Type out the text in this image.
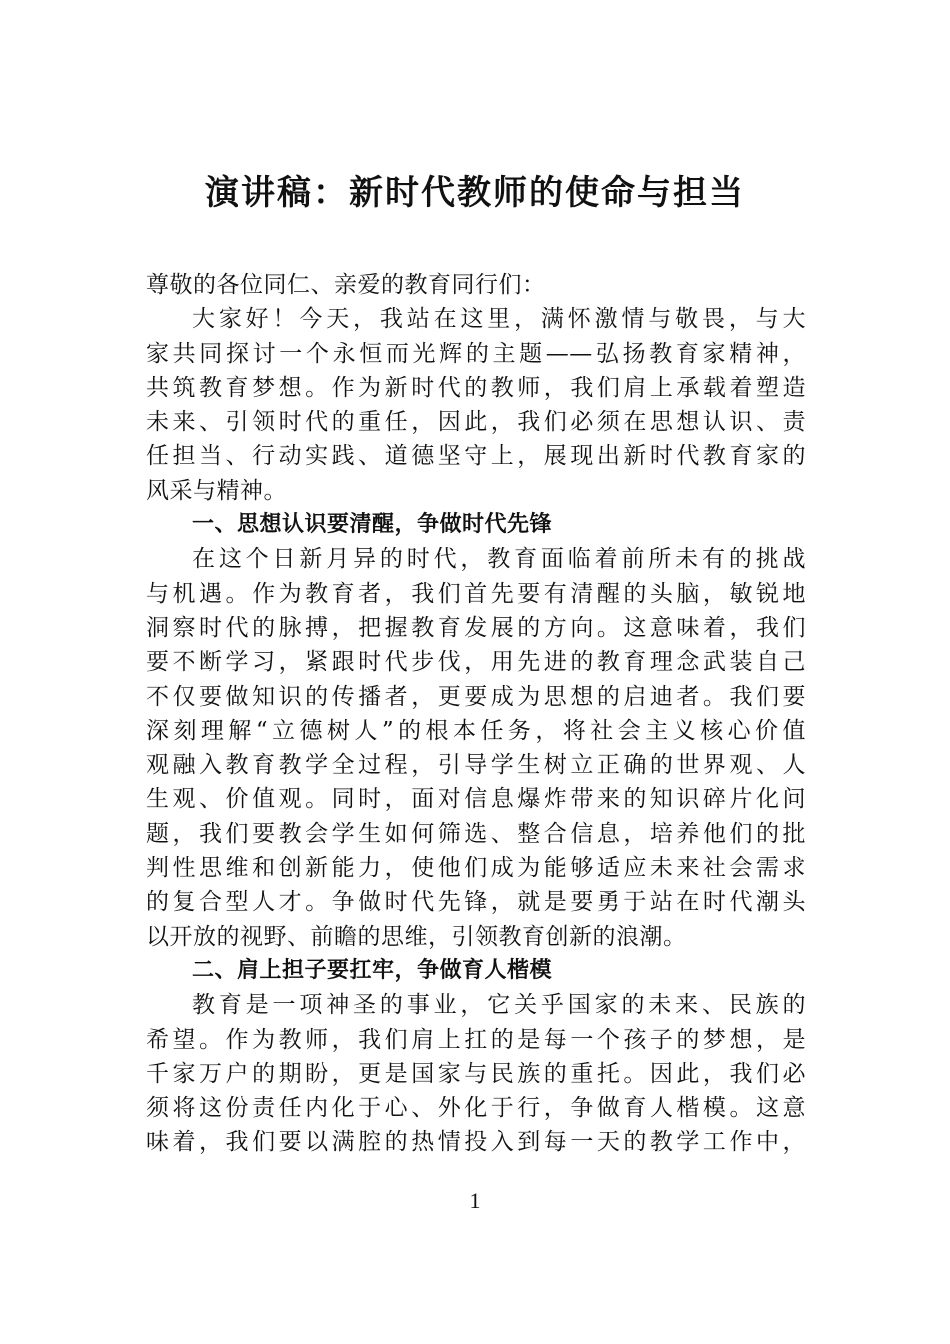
演讲稿：新时代教师的使命与担当
尊敬的各位同仁、亲爱的教育同行们：
大家好！今天，我站在这里，满怀激情与敬畏，与大
家共同探讨一个永恒而光辉的主题——弘扬教育家精神，
共筑教育梦想。作为新时代的教师，我们肩上承载着塑造
未来、引领时代的重任，因此，我们必须在思想认识、责
任担当、行动实践、道德坚守上，展现出新时代教育家的
风采与精神。
一、思想认识要清醒，争做时代先锋
在这个日新月异的时代，教育面临着前所未有的挑战
与机遇。作为教育者，我们首先要有清醒的头脑，敏锐地
洞察时代的脉搏，把握教育发展的方向。这意味着，我们
要不断学习，紧跟时代步伐，用先进的教育理念武装自己
不仅要做知识的传播者，更要成为思想的启迪者。我们要
深刻理解“立德树人”的根本任务，将社会主义核心价值
观融入教育教学全过程，引导学生树立正确的世界观、人
生观、价值观。同时，面对信息爆炸带来的知识碎片化问
题，我们要教会学生如何筛选、整合信息，培养他们的批
判性思维和创新能力，使他们成为能够适应未来社会需求
的复合型人才。争做时代先锋，就是要勇于站在时代潮头
以开放的视野、前瞻的思维，引领教育创新的浪潮。
二、肩上担子要扛牢，争做育人楷模
教育是一项神圣的事业，它关乎国家的未来、民族的
希望。作为教师，我们肩上扛的是每一个孩子的梦想，是
千家万户的期盼，更是国家与民族的重托。因此，我们必
须将这份责任内化于心、外化于行，争做育人楷模。这意
味着，我们要以满腔的热情投入到每一天的教学工作中，
1
